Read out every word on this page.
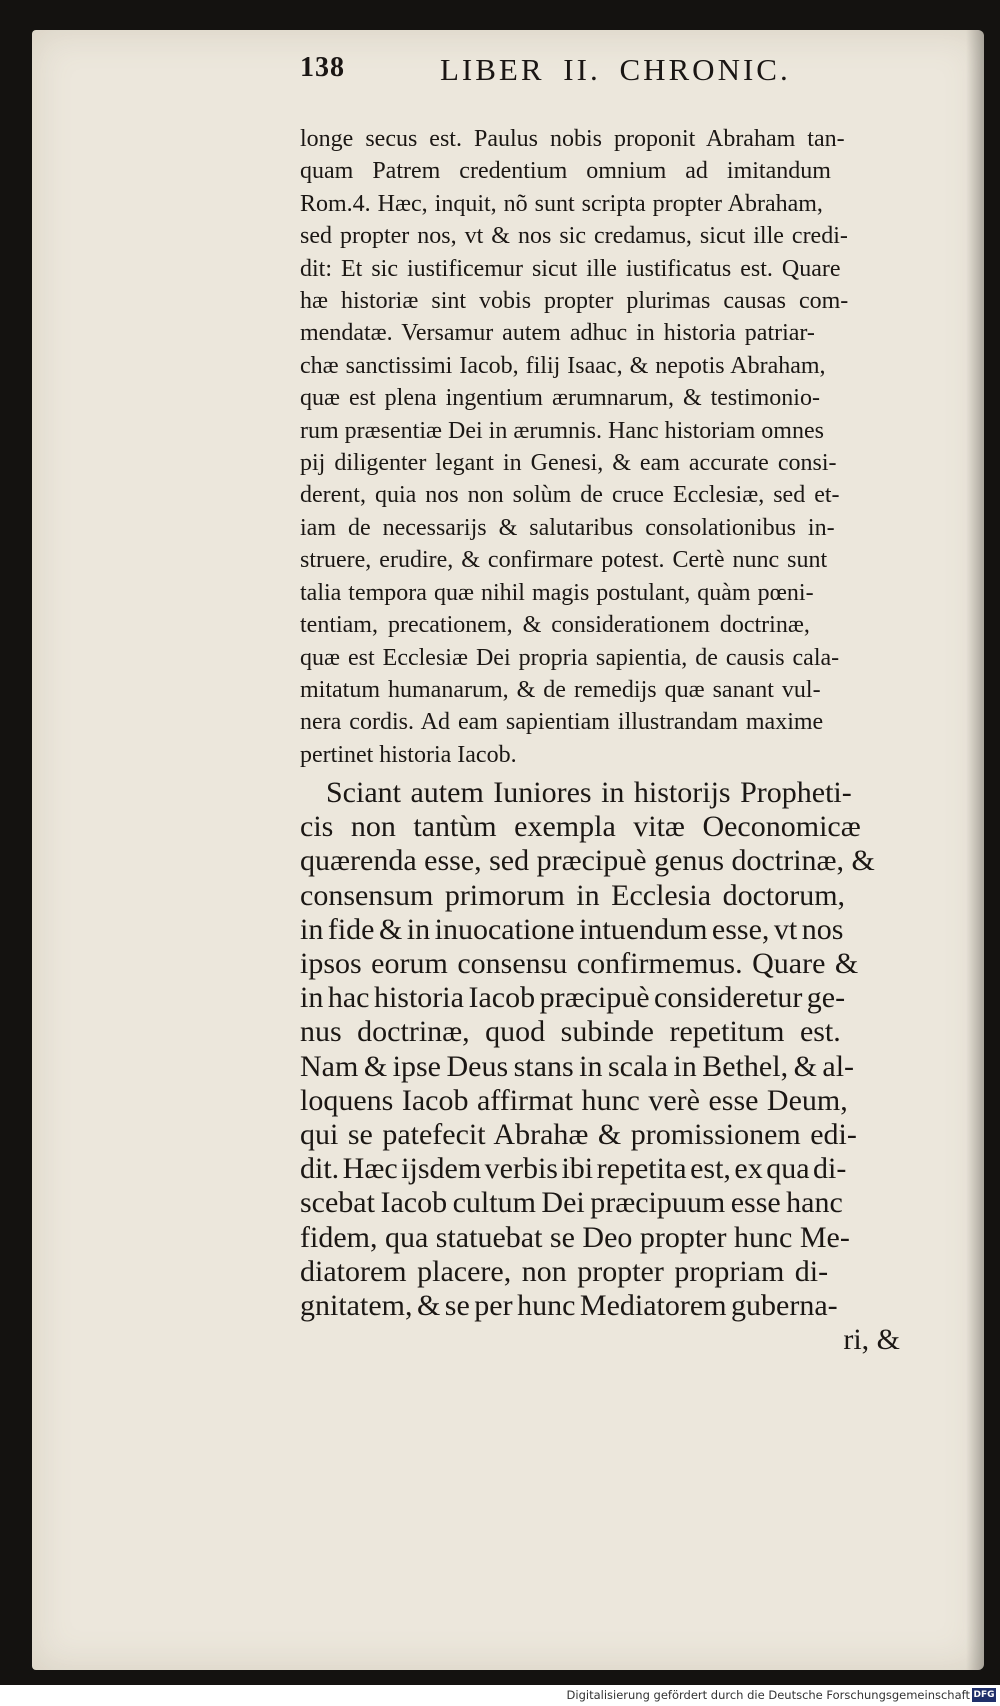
138	LIBER II. CHRONIC.
longe secus est. Paulus nobis proponit Abraham tan-
quam Patrem credentium omnium ad imitandum
Rom.4. Hæc, inquit, nõ sunt scripta propter Abraham,
sed propter nos, vt & nos sic credamus, sicut ille credi-
dit: Et sic iustificemur sicut ille iustificatus est. Quare
hæ historiæ sint vobis propter plurimas causas com-
mendatæ. Versamur autem adhuc in historia patriar-
chæ sanctissimi Iacob, filij Isaac, & nepotis Abraham,
quæ est plena ingentium ærumnarum, & testimonio-
rum præsentiæ Dei in ærumnis. Hanc historiam omnes
pij diligenter legant in Genesi, & eam accurate consi-
derent, quia nos non solùm de cruce Ecclesiæ, sed et-
iam de necessarijs & salutaribus consolationibus in-
struere, erudire, & confirmare potest. Certè nunc sunt
talia tempora quæ nihil magis postulant, quàm pœni-
tentiam, precationem, & considerationem doctrinæ,
quæ est Ecclesiæ Dei propria sapientia, de causis cala-
mitatum humanarum, & de remedijs quæ sanant vul-
nera cordis. Ad eam sapientiam illustrandam maxime
pertinet historia Iacob.
Sciant autem Iuniores in historijs Propheti-
cis non tantùm exempla vitæ Oeconomicæ
quærenda esse, sed præcipuè genus doctrinæ, &
consensum primorum in Ecclesia doctorum,
in fide & in inuocatione intuendum esse, vt nos
ipsos eorum consensu confirmemus. Quare &
in hac historia Iacob præcipuè consideretur ge-
nus doctrinæ, quod subinde repetitum est.
Nam & ipse Deus stans in scala in Bethel, & al-
loquens Iacob affirmat hunc verè esse Deum,
qui se patefecit Abrahæ & promissionem edi-
dit. Hæc ijsdem verbis ibi repetita est, ex qua di-
scebat Iacob cultum Dei præcipuum esse hanc
fidem, qua statuebat se Deo propter hunc Me-
diatorem placere, non propter propriam di-
gnitatem, & se per hunc Mediatorem guberna-
ri, &
Digitalisierung gefördert durch die Deutsche Forschungsgemeinschaft DFG
